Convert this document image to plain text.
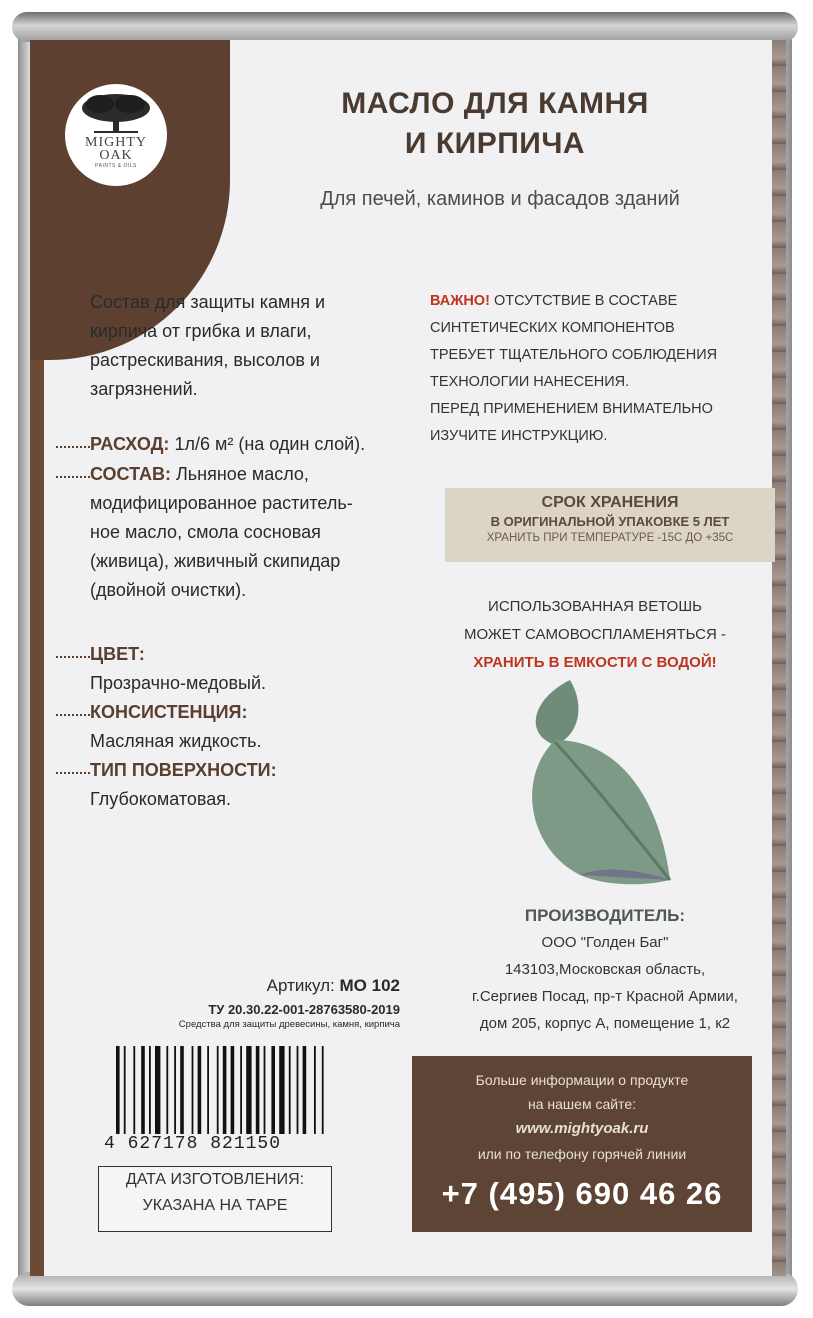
MIGHTY
OAK
PAINTS & OILS
МАСЛО ДЛЯ КАМНЯ
И КИРПИЧА
Для печей, каминов и фасадов зданий
Состав для защиты камня и
кирпича от грибка и влаги,
растрескивания, высолов и
загрязнений.
РАСХОД: 1л/6 м² (на один слой).
СОСТАВ: Льняное масло,
модифицированное раститель-
ное масло, смола сосновая
(живица), живичный скипидар
(двойной очистки).
ЦВЕТ:
Прозрачно-медовый.
КОНСИСТЕНЦИЯ:
Масляная жидкость.
ТИП ПОВЕРХНОСТИ:
Глубокоматовая.
ВАЖНО! ОТСУТСТВИЕ В СОСТАВЕ
СИНТЕТИЧЕСКИХ КОМПОНЕНТОВ
ТРЕБУЕТ ТЩАТЕЛЬНОГО СОБЛЮДЕНИЯ
ТЕХНОЛОГИИ НАНЕСЕНИЯ.
ПЕРЕД ПРИМЕНЕНИЕМ ВНИМАТЕЛЬНО
ИЗУЧИТЕ ИНСТРУКЦИЮ.
СРОК ХРАНЕНИЯ
В ОРИГИНАЛЬНОЙ УПАКОВКЕ 5 ЛЕТ
ХРАНИТЬ ПРИ ТЕМПЕРАТУРЕ -15С ДО +35С
ИСПОЛЬЗОВАННАЯ ВЕТОШЬ
МОЖЕТ САМОВОСПЛАМЕНЯТЬСЯ -
ХРАНИТЬ В ЕМКОСТИ С ВОДОЙ!
ПРОИЗВОДИТЕЛЬ:
ООО "Голден Баг"
143103,Московская область,
г.Сергиев Посад, пр-т Красной Армии,
дом 205, корпус А, помещение 1, к2
Больше информации о продукте
на нашем сайте:
www.mightyoak.ru
или по телефону горячей линии
+7 (495) 690 46 26
Артикул: МО 102
ТУ 20.30.22-001-28763580-2019
Средства для защиты древесины, камня, кирпича
4 627178 821150
ДАТА ИЗГОТОВЛЕНИЯ:
УКАЗАНА НА ТАРЕ
